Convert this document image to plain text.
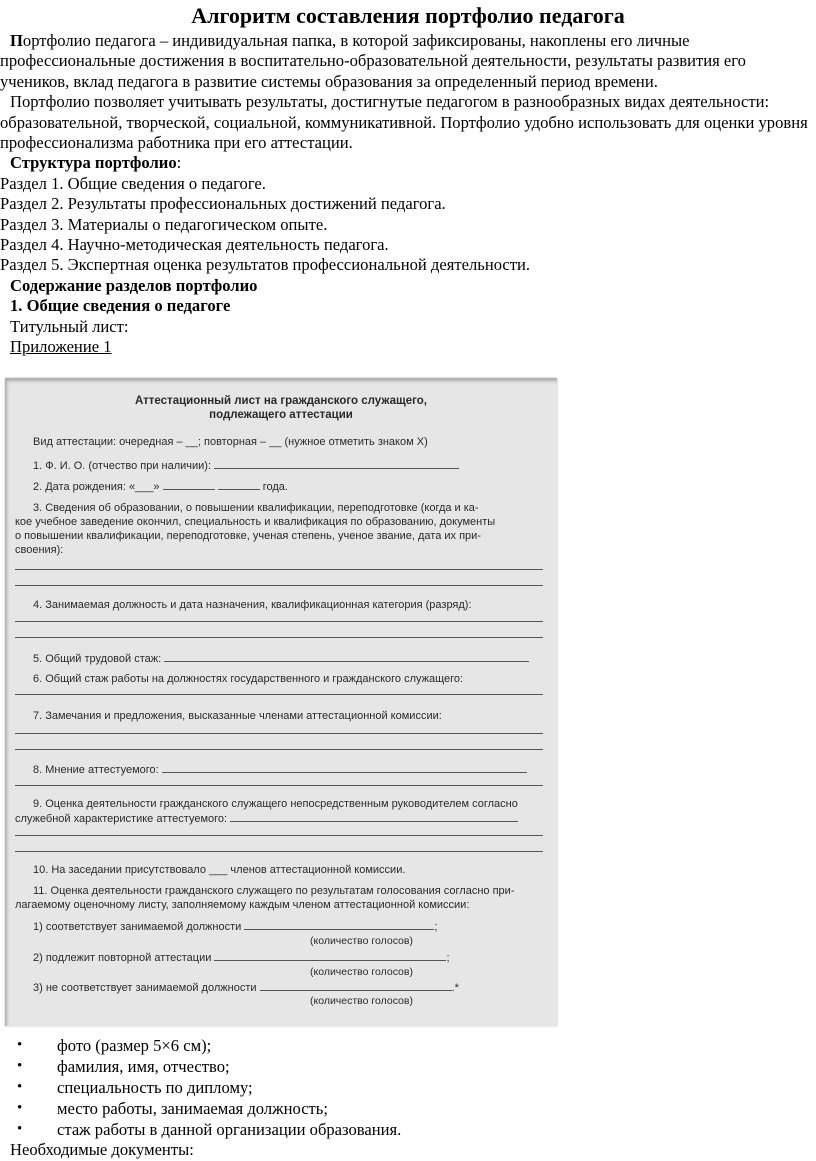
Алгоритм составления портфолио педагога

Портфолио педагога – индивидуальная папка, в которой зафиксированы, накоплены его личные профессиональные достижения в воспитательно-образовательной деятельности, результаты развития его учеников, вклад педагога в развитие системы образования за определенный период времени.

Портфолио позволяет учитывать результаты, достигнутые педагогом в разнообразных видах деятельности: образовательной, творческой, социальной, коммуникативной. Портфолио удобно использовать для оценки уровня профессионализма работника при его аттестации.

Структура портфолио:

Раздел 1. Общие сведения о педагоге.

Раздел 2. Результаты профессиональных достижений педагога.

Раздел 3. Материалы о педагогическом опыте.

Раздел 4. Научно-методическая деятельность педагога.

Раздел 5. Экспертная оценка результатов профессиональной деятельности.

Содержание разделов портфолио

1. Общие сведения о педагоге

Титульный лист:

Приложение 1

Аттестационный лист на гражданского служащего,
подлежащего аттестации
Вид аттестации: очередная – __; повторная – __ (нужное отметить знаком Х)
1. Ф. И. О. (отчество при наличии):
2. Дата рождения: «___»	года.
3. Сведения об образовании, о повышении квалификации, переподготовке (когда и ка-
кое учебное заведение окончил, специальность и квалификация по образованию, документы
о повышении квалификации, переподготовке, ученая степень, ученое звание, дата их при-
своения):
4. Занимаемая должность и дата назначения, квалификационная категория (разряд):
5. Общий трудовой стаж:
6. Общий стаж работы на должностях государственного и гражданского служащего:
7. Замечания и предложения, высказанные членами аттестационной комиссии:
8. Мнение аттестуемого:
9. Оценка деятельности гражданского служащего непосредственным руководителем согласно
служебной характеристике аттестуемого:
10. На заседании присутствовало ___ членов аттестационной комиссии.
11. Оценка деятельности гражданского служащего по результатам голосования согласно при-
лагаемому оценочному листу, заполняемому каждым членом аттестационной комиссии:
1) соответствует занимаемой должности	;
(количество голосов)
2) подлежит повторной аттестации	;
(количество голосов)
3) не соответствует занимаемой должности	.*
(количество голосов)
• фото (размер 5×6 см);
• фамилия, имя, отчество;
• специальность по диплому;
• место работы, занимаемая должность;
• стаж работы в данной организации образования.
Необходимые документы:
